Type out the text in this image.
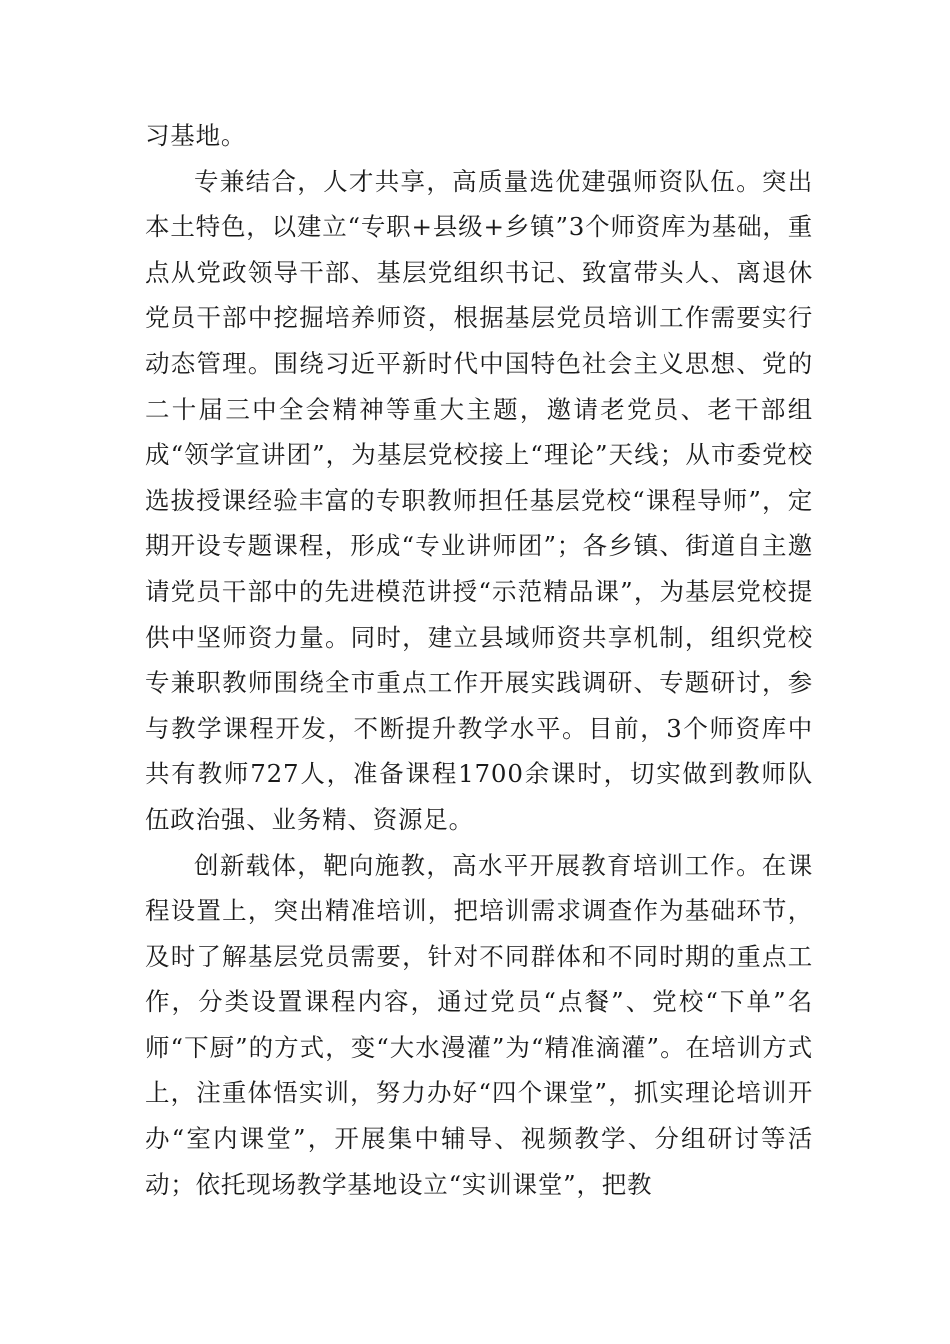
习基地。

专兼结合，人才共享，高质量选优建强师资队伍。突出本土特色，以建立“专职+县级+乡镇”3个师资库为基础，重点从党政领导干部、基层党组织书记、致富带头人、离退休党员干部中挖掘培养师资，根据基层党员培训工作需要实行动态管理。围绕习近平新时代中国特色社会主义思想、党的二十届三中全会精神等重大主题，邀请老党员、老干部组成“领学宣讲团”，为基层党校接上“理论”天线；从市委党校选拔授课经验丰富的专职教师担任基层党校“课程导师”，定期开设专题课程，形成“专业讲师团”；各乡镇、街道自主邀请党员干部中的先进模范讲授“示范精品课”，为基层党校提供中坚师资力量。同时，建立县域师资共享机制，组织党校专兼职教师围绕全市重点工作开展实践调研、专题研讨，参与教学课程开发，不断提升教学水平。目前，3个师资库中共有教师727人，准备课程1700余课时，切实做到教师队伍政治强、业务精、资源足。

创新载体，靶向施教，高水平开展教育培训工作。在课程设置上，突出精准培训，把培训需求调查作为基础环节，及时了解基层党员需要，针对不同群体和不同时期的重点工作，分类设置课程内容，通过党员“点餐”、党校“下单”名师“下厨”的方式，变“大水漫灌”为“精准滴灌”。在培训方式上，注重体悟实训，努力办好“四个课堂”，抓实理论培训开办“室内课堂”，开展集中辅导、视频教学、分组研讨等活动；依托现场教学基地设立“实训课堂”，把教
